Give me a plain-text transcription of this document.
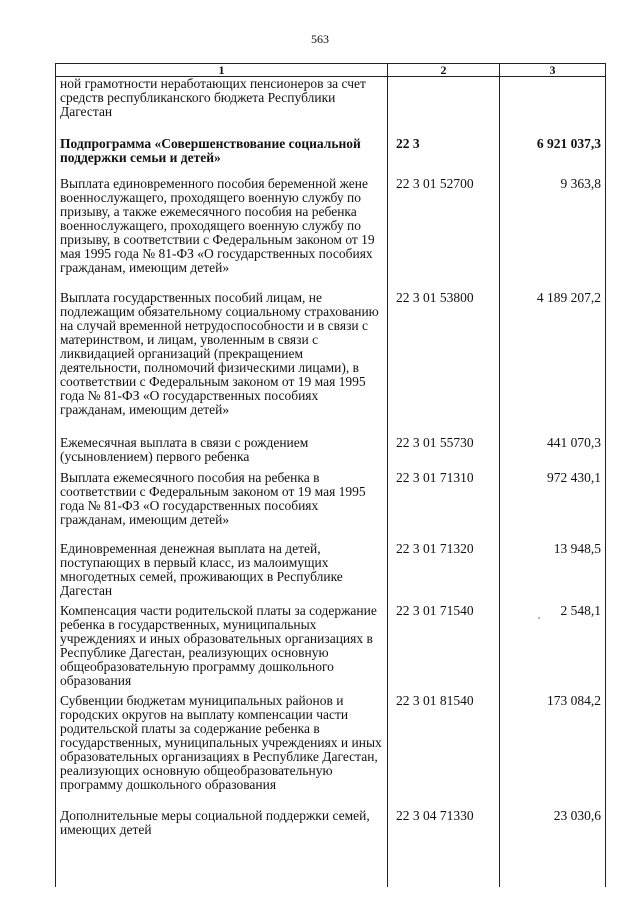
563
1	2	3
ной грамотности неработающих пенсионеров за счет средств республиканского бюджета Республики Дагестан		
Подпрограмма «Совершенствование социальной поддержки семьи и детей»	22 3	6 921 037,3
Выплата единовременного пособия беременной жене военнослужащего, проходящего военную службу по призыву, а также ежемесячного пособия на ребенка военнослужащего, проходящего военную службу по призыву, в соответствии с Федеральным законом от 19 мая 1995 года № 81-ФЗ «О государственных пособиях гражданам, имеющим детей»	22 3 01 52700	9 363,8
Выплата государственных пособий лицам, не подлежащим обязательному социальному страхованию на случай временной нетрудоспособности и в связи с материнством, и лицам, уволенным в связи с ликвидацией организаций (прекращением деятельности, полномочий физическими лицами), в соответствии с Федеральным законом от 19 мая 1995 года № 81-ФЗ «О государственных пособиях гражданам, имеющим детей»	22 3 01 53800	4 189 207,2
Ежемесячная выплата в связи с рождением (усыновлением) первого ребенка	22 3 01 55730	441 070,3
Выплата ежемесячного пособия на ребенка в соответствии с Федеральным законом от 19 мая 1995 года № 81-ФЗ «О государственных пособиях гражданам, имеющим детей»	22 3 01 71310	972 430,1
Единовременная денежная выплата на детей, поступающих в первый класс, из малоимущих многодетных семей, проживающих в Республике Дагестан	22 3 01 71320	13 948,5
Компенсация части родительской платы за содержание ребенка в государственных, муниципальных учреждениях и иных образовательных организациях в Республике Дагестан, реализующих основную общеобразовательную программу дошкольного образования	22 3 01 71540	2 548,1
Субвенции бюджетам муниципальных районов и городских округов на выплату компенсации части родительской платы за содержание ребенка в государственных, муниципальных учреждениях и иных образовательных организациях в Республике Дагестан, реализующих основную общеобразовательную программу дошкольного образования	22 3 01 81540	173 084,2
Дополнительные меры социальной поддержки семей, имеющих детей	22 3 04 71330	23 030,6
